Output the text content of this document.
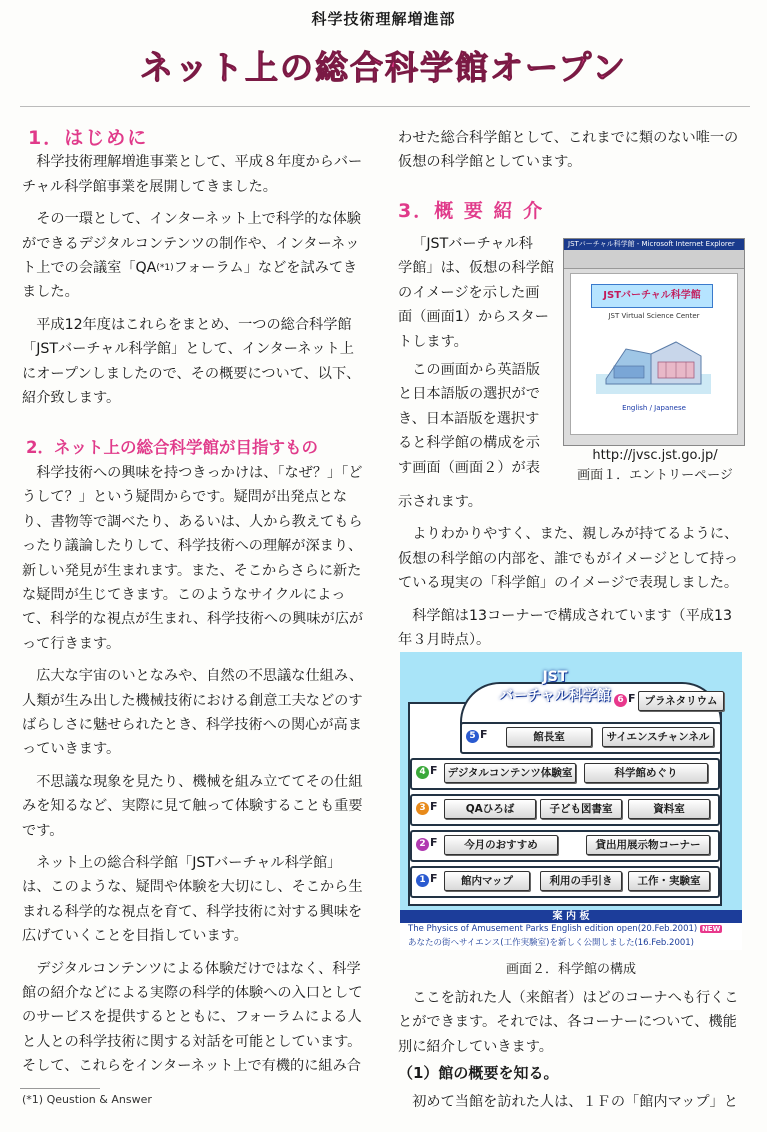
科学技術理解増進部
ネット上の総合科学館オープン
1．はじめに

科学技術理解増進事業として、平成８年度からバーチャル科学館事業を展開してきました。

その一環として、インターネット上で科学的な体験ができるデジタルコンテンツの制作や、インターネット上での会議室「$QA^{(*1)}$フォーラム」などを試みてきました。

平成12年度はこれらをまとめ、一つの総合科学館「JSTバーチャル科学館」として、インターネット上にオープンしましたので、その概要について、以下、紹介致します。

2．ネット上の総合科学館が目指すもの

科学技術への興味を持つきっかけは、「なぜ？」「どうして？」という疑問からです。疑問が出発点となり、書物等で調べたり、あるいは、人から教えてもらったり議論したりして、科学技術への理解が深まり、新しい発見が生まれます。また、そこからさらに新たな疑問が生じてきます。このようなサイクルによって、科学的な視点が生まれ、科学技術への興味が広がって行きます。

広大な宇宙のいとなみや、自然の不思議な仕組み、人類が生み出した機械技術における創意工夫などのすばらしさに魅せられたとき、科学技術への関心が高まっていきます。

不思議な現象を見たり、機械を組み立ててその仕組みを知るなど、実際に見て触って体験することも重要です。

ネット上の総合科学館「JSTバーチャル科学館」は、このような、疑問や体験を大切にし、そこから生まれる科学的な視点を育て、科学技術に対する興味を広げていくことを目指しています。

デジタルコンテンツによる体験だけではなく、科学館の紹介などによる実際の科学的体験への入口としてのサービスを提供するとともに、フォーラムによる人と人との科学技術に関する対話を可能としています。そして、これらをインターネット上で有機的に組み合

(*1) Qeustion & Answer

わせた総合科学館として、これまでに類のない唯一の仮想の科学館としています。

3．概 要 紹 介
「JSTバーチャル科
学館」は、仮想の科学館
のイメージを示した画
面（画面1）からスター
トします。
この画面から英語版
と日本語版の選択がで
き、日本語版を選択す
ると科学館の構成を示
す画面（画面２）が表

示されます。

よりわかりやすく、また、親しみが持てるように、仮想の科学館の内部を、誰でもがイメージとして持っている現実の「科学館」のイメージで表現しました。

科学館は13コーナーで構成されています（平成13年３月時点）。

JSTバーチャル科学館 - Microsoft Internet Explorer
JSTバーチャル科学館
JST Virtual Science Center
English / Japanese
http://jvsc.jst.go.jp/
画面１．エントリーページ
JST
バーチャル科学館 6 F プラネタリウム
5 F	館長室	サイエンスチャンネル
4 F デジタルコンテンツ体験室	科学館めぐり
3 F	QAひろば	子ども図書室	資料室
2 F	今月のおすすめ	貸出用展示物コーナー
1 F	館内マップ	利用の手引き	工作・実験室
案 内 板
The Physics of Amusement Parks English edition open(20.Feb.2001) NEW
あなたの街へサイエンス(工作実験室)を新しく公開しました(16.Feb.2001)
画面２．科学館の構成

ここを訪れた人（来館者）はどのコーナへも行くことができます。それでは、各コーナーについて、機能別に紹介していきます。

（1）館の概要を知る。

初めて当館を訪れた人は、１Ｆの「館内マップ」と
